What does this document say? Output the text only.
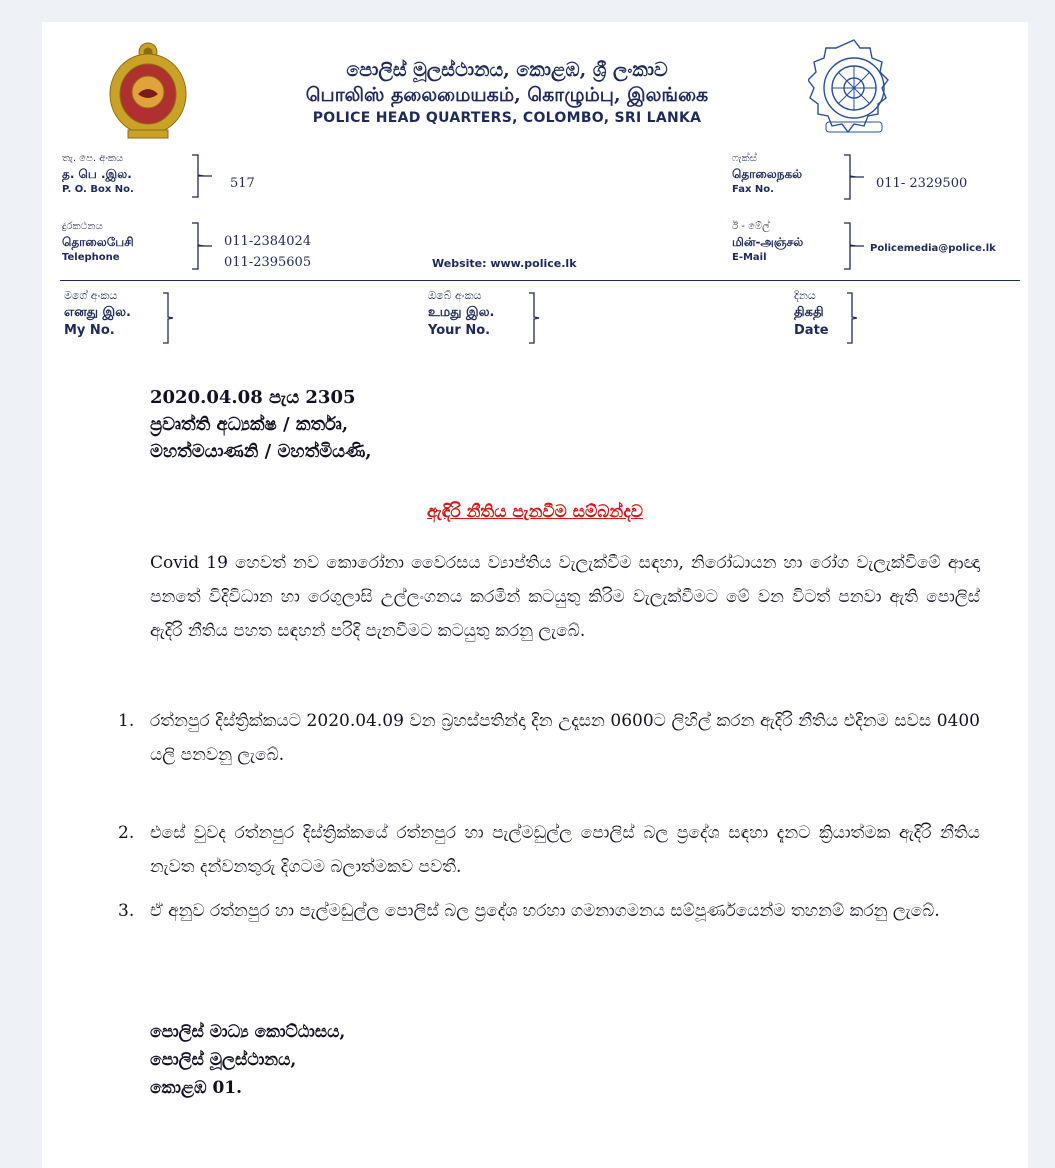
පොලිස් මූලස්ථානය, කොළඹ, ශ්‍රී ලංකාව
பொலிஸ் தலைமையகம், கொழும்பு, இலங்கை
POLICE HEAD QUARTERS, COLOMBO, SRI LANKA
තැ. පෙ. අංකය
த. பெ .இல.
P. O. Box No.	517
ෆැක්ස්
தொலைநகல்
Fax No.	011- 2329500
දුරකථනය
தொலைபேசி
Telephone
011-2384024
011-2395605	Website: www.police.lk
ඊ - මේල්
மின்-அஞ்சல்
E-Mail
Policemedia@police.lk
මගේ අංකය
எனது இல.
My No.
ඔබේ අංකය
உமது இல.
Your No.
දිනය
திகதி
Date
2020.04.08 පැය 2305
ප්‍රවෘත්ති අධ්‍යක්ෂ / කර්තෘ,
මහත්මයාණනි / මහත්මියණි,
ඇඳිරි නීතිය පැනවීම සම්බන්දව
Covid 19 හෙවත් නව කොරෝනා වෛරසය ව්‍යාප්තිය වැලැක්වීම සඳහා, නිරෝධායන හා රෝග වැලැක්විමේ ආඥා පනතේ විදිවිධාන හා රෙගුලාසි උල්ලංගනය කරමින් කටයුතු කිරිම වැලැක්වීමට මේ වන විටත් පනවා ඇති පොලිස් ඇදිරි නීතිය පහත සඳහන් පරිදි පැනවීමට කටයුතු කරනු ලැබේ.
1. රත්නපුර දිස්ත්‍රික්කයට 2020.04.09 වන බ්‍රහස්පතින්දා දින උදෑසන 0600ට ලිහිල් කරන ඇදිරි නීතිය එදිනම සවස 0400 යලි පනවනු ලැබේ.
2. එසේ වුවද රත්නපුර දිස්ත්‍රික්කයේ රත්නපුර හා පැල්මඩුල්ල පොලිස් බල ප්‍රදේශ සඳහා දැනට ක්‍රියාත්මක ඇදිරි නීතිය නැවත දන්වනතුරු දිගටම බලාත්මකව පවතී.
3. ඒ අනුව රත්නපුර හා පැල්මඩුල්ල පොලිස් බල ප්‍රදේශ හරහා ගමනාගමනය සම්පූර්ණයෙන්ම තහනම් කරනු ලැබේ.
පොලිස් මාධ්‍ය කොට්ඨාසය,
පොලිස් මූලස්ථානය,
කොළඹ 01.
